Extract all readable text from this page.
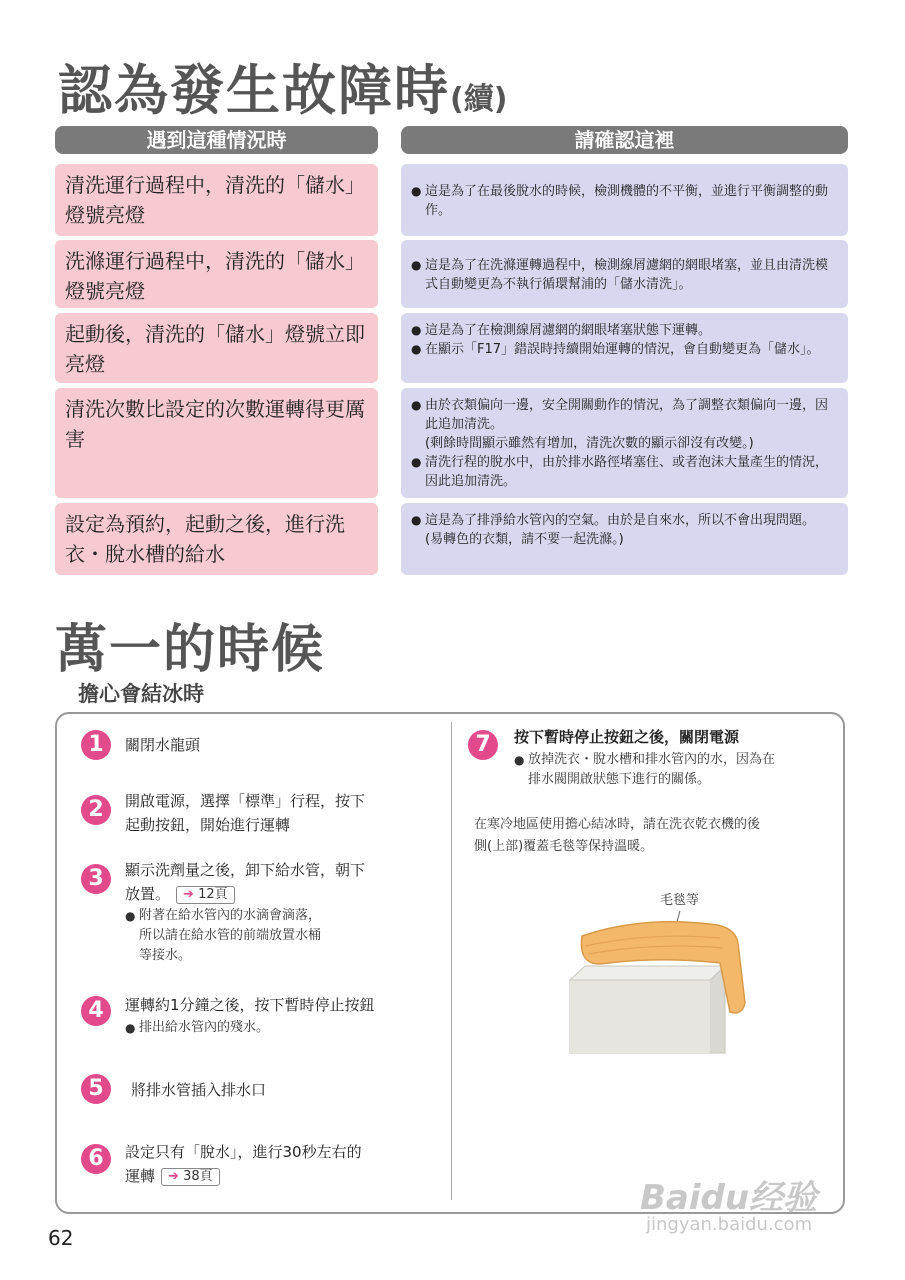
認為發生故障時(續)
遇到這種情況時	請確認這裡
清洗運行過程中，清洗的「儲水」燈號亮燈
● 這是為了在最後脫水的時候，檢測機體的不平衡，並進行平衡調整的動作。
洗滌運行過程中，清洗的「儲水」燈號亮燈
● 這是為了在洗滌運轉過程中，檢測線屑濾網的網眼堵塞，並且由清洗模式自動變更為不執行循環幫浦的「儲水清洗」。
起動後，清洗的「儲水」燈號立即亮燈
● 這是為了在檢測線屑濾網的網眼堵塞狀態下運轉。
● 在顯示「F17」錯誤時持續開始運轉的情況，會自動變更為「儲水」。
清洗次數比設定的次數運轉得更厲害
● 由於衣類偏向一邊，安全開關動作的情況，為了調整衣類偏向一邊，因此追加清洗。
(剩餘時間顯示雖然有增加，清洗次數的顯示卻沒有改變。)
● 清洗行程的脫水中，由於排水路徑堵塞住、或者泡沫大量產生的情況，因此追加清洗。
設定為預約，起動之後，進行洗衣・脫水槽的給水
● 這是為了排淨給水管內的空氣。由於是自來水，所以不會出現問題。
(易轉色的衣類，請不要一起洗滌。)
萬一的時候
擔心會結冰時
1	關閉水龍頭
2	開啟電源，選擇「標準」行程，按下
起動按鈕，開始進行運轉
3	顯示洗劑量之後，卸下給水管，朝下
放置。 ➔ 12頁
● 附著在給水管內的水滴會滴落，
所以請在給水管的前端放置水桶
等接水。
4	運轉約1分鐘之後，按下暫時停止按鈕
● 排出給水管內的殘水。
5	將排水管插入排水口
6	設定只有「脫水」，進行30秒左右的
運轉 ➔ 38頁
7	按下暫時停止按鈕之後，關閉電源
● 放掉洗衣・脫水槽和排水管內的水，因為在
排水閥開啟狀態下進行的關係。
在寒冷地區使用擔心結冰時，請在洗衣乾衣機的後
側(上部)覆蓋毛毯等保持溫暖。
毛毯等
62
Baidu经验
jingyan.baidu.com
